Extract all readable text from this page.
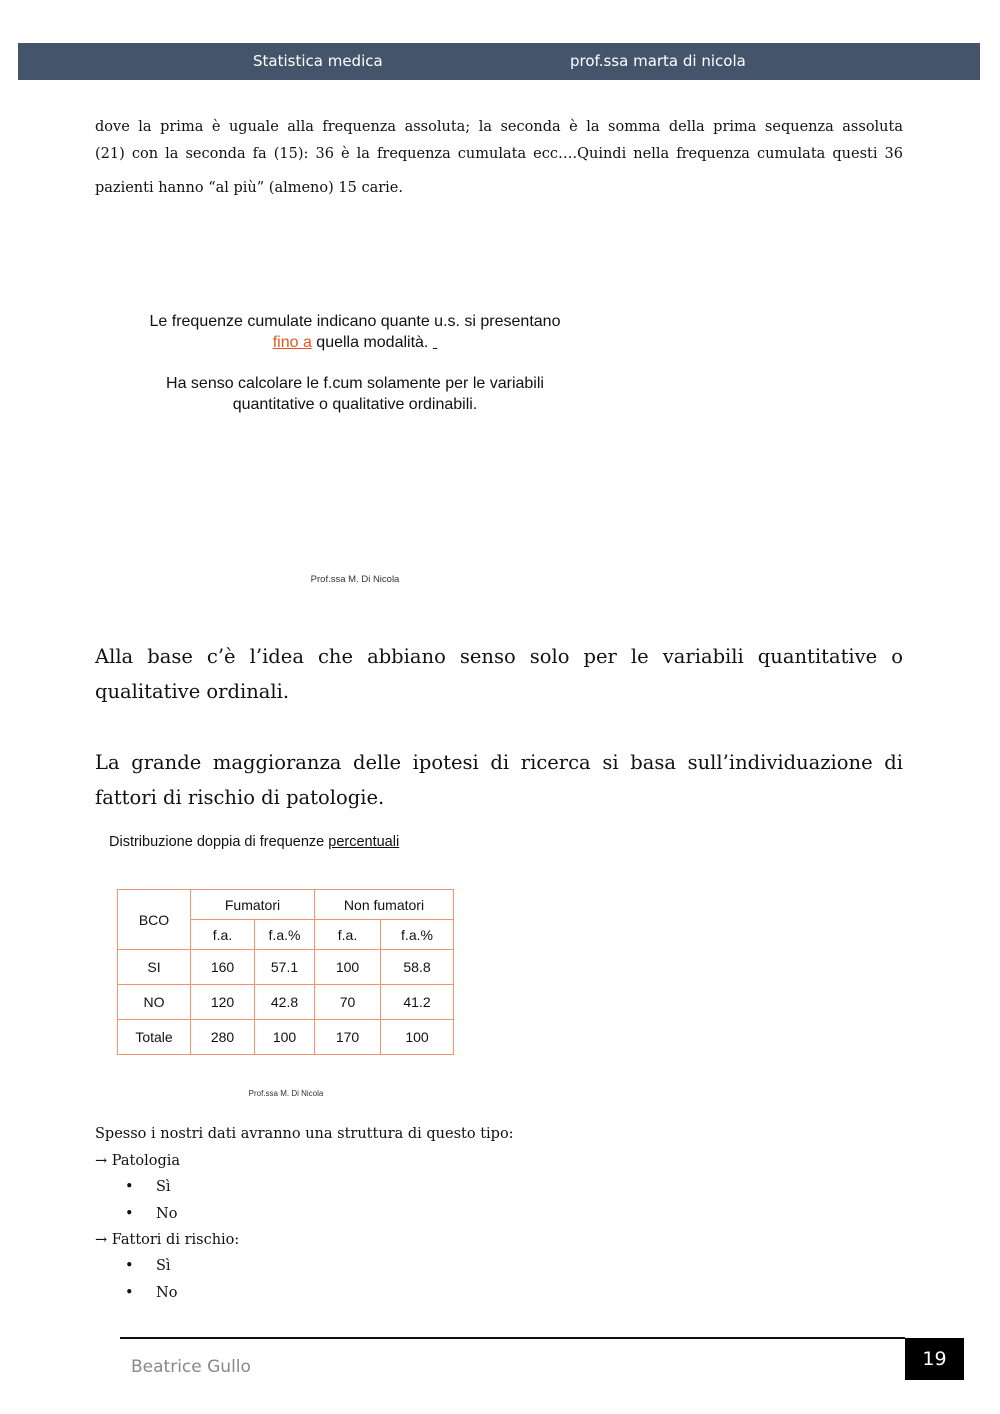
Statistica medica	prof.ssa marta di nicola
dove la prima è uguale alla frequenza assoluta; la seconda è la somma della prima sequenza assoluta
(21) con la seconda fa (15): 36 è la frequenza cumulata ecc….Quindi nella frequenza cumulata questi 36
pazienti hanno “al più” (almeno) 15 carie.
Le frequenze cumulate indicano quante u.s. si presentano
fino a quella modalità.
Ha senso calcolare le f.cum solamente per le variabili
quantitative o qualitative ordinabili.
Prof.ssa M. Di Nicola
Alla base c’è l’idea che abbiano senso solo per le variabili quantitative o
qualitative ordinali.
La grande maggioranza delle ipotesi di ricerca si basa sull’individuazione di
fattori di rischio di patologie.
Distribuzione doppia di frequenze percentuali
BCO	Fumatori		Non fumatori	
	f.a.	f.a.%	f.a.	f.a.%
SI	160	57.1	100	58.8
NO	120	42.8	70	41.2
Totale	280	100	170	100
Prof.ssa M. Di Nicola
Spesso i nostri dati avranno una struttura di questo tipo:
→ Patologia
• Sì
• No
→ Fattori di rischio:
• Sì
• No
Beatrice Gullo	19
